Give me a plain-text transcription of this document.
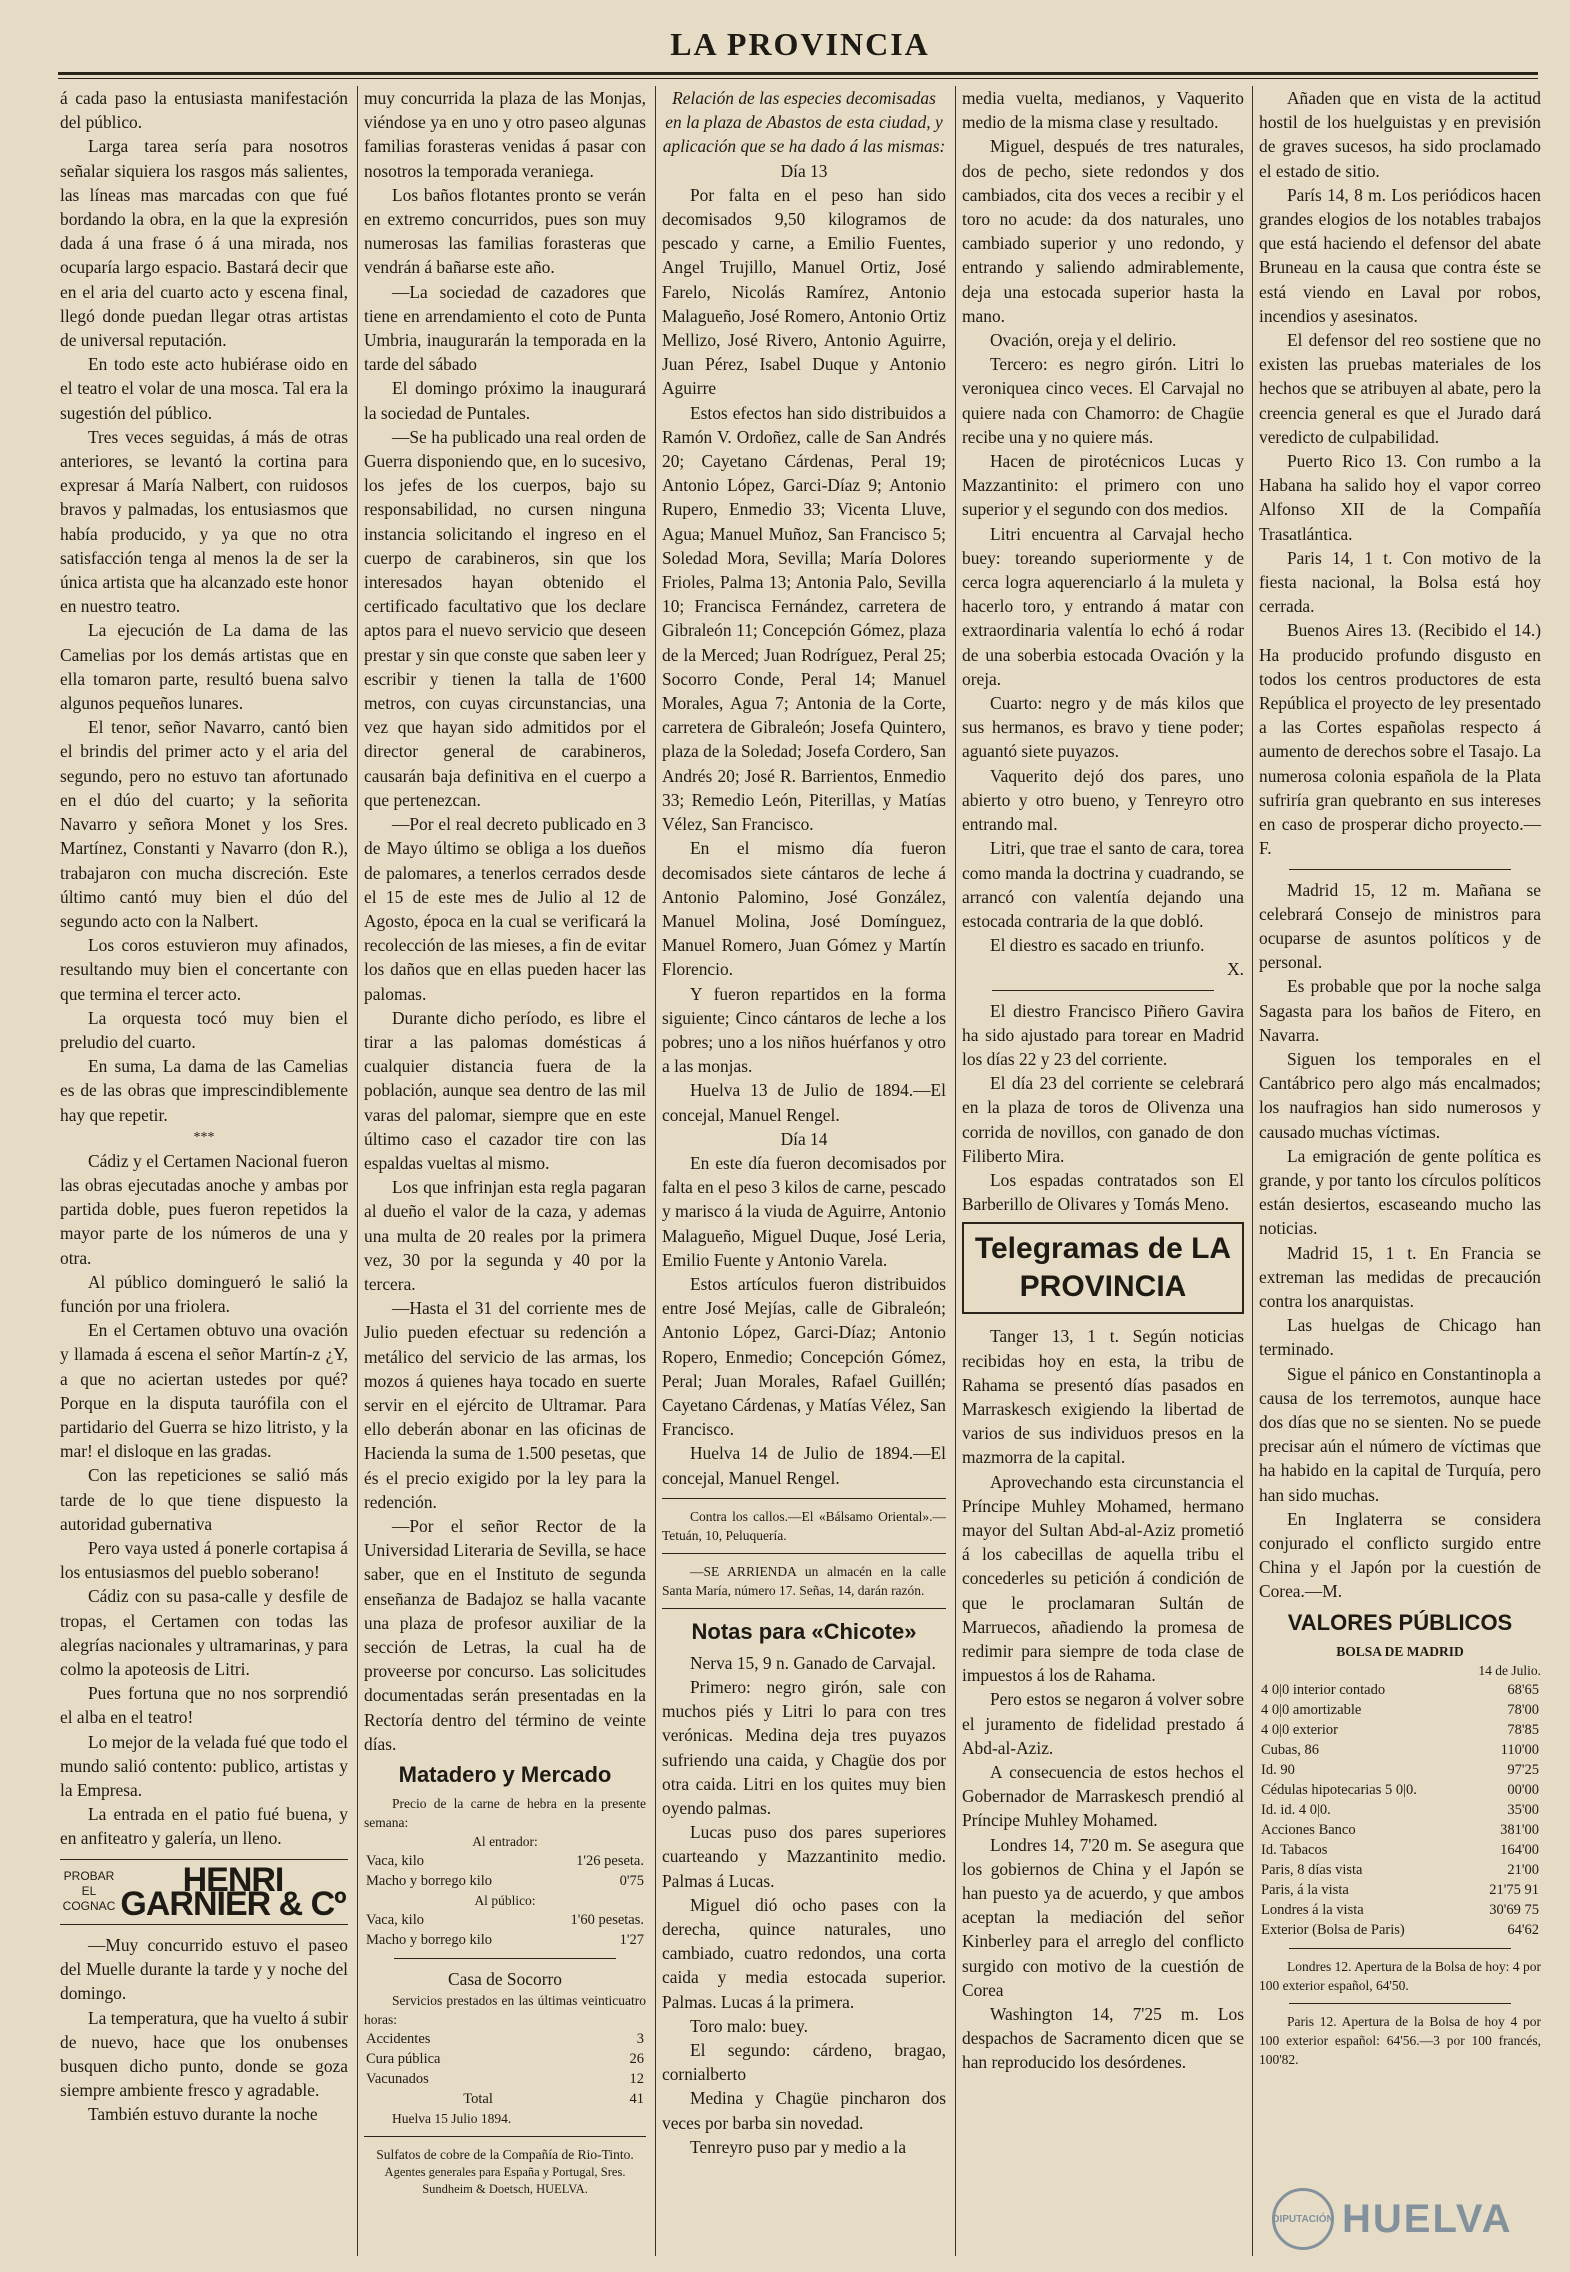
LA PROVINCIA

á cada paso la entusiasta manifestación del público.

Larga tarea sería para nosotros señalar siquiera los rasgos más salientes, las líneas mas marcadas con que fué bordando la obra, en la que la expresión dada á una frase ó á una mirada, nos ocuparía largo espacio. Bastará decir que en el aria del cuarto acto y escena final, llegó donde puedan llegar otras artistas de universal reputación.

En todo este acto hubiérase oido en el teatro el volar de una mosca. Tal era la sugestión del público.

Tres veces seguidas, á más de otras anteriores, se levantó la cortina para expresar á María Nalbert, con ruidosos bravos y palmadas, los entusiasmos que había producido, y ya que no otra satisfacción tenga al menos la de ser la única artista que ha alcanzado este honor en nuestro teatro.

La ejecución de La dama de las Camelias por los demás artistas que en ella tomaron parte, resultó buena salvo algunos pequeños lunares.

El tenor, señor Navarro, cantó bien el brindis del primer acto y el aria del segundo, pero no estuvo tan afortunado en el dúo del cuarto; y la señorita Navarro y señora Monet y los Sres. Martínez, Constanti y Navarro (don R.), trabajaron con mucha discreción. Este último cantó muy bien el dúo del segundo acto con la Nalbert.

Los coros estuvieron muy afinados, resultando muy bien el concertante con que termina el tercer acto.

La orquesta tocó muy bien el preludio del cuarto.

En suma, La dama de las Camelias es de las obras que imprescindiblemente hay que repetir.

***

Cádiz y el Certamen Nacional fueron las obras ejecutadas anoche y ambas por partida doble, pues fueron repetidos la mayor parte de los números de una y otra.

Al público domingueró le salió la función por una friolera.

En el Certamen obtuvo una ovación y llamada á escena el señor Martín-z ¿Y, a que no aciertan ustedes por qué? Porque en la disputa taurófila con el partidario del Guerra se hizo litristo, y la mar! el disloque en las gradas.

Con las repeticiones se salió más tarde de lo que tiene dispuesto la autoridad gubernativa

Pero vaya usted á ponerle cortapisa á los entusiasmos del pueblo soberano!

Cádiz con su pasa-calle y desfile de tropas, el Certamen con todas las alegrías nacionales y ultramarinas, y para colmo la apoteosis de Litri.

Pues fortuna que no nos sorprendió el alba en el teatro!

Lo mejor de la velada fué que todo el mundo salió contento: publico, artistas y la Empresa.

La entrada en el patio fué buena, y en anfiteatro y galería, un lleno.

PROBAR EL COGNAC
HENRI GARNIER & Cº

—Muy concurrido estuvo el paseo del Muelle durante la tarde y y noche del domingo.

La temperatura, que ha vuelto á subir de nuevo, hace que los onubenses busquen dicho punto, donde se goza siempre ambiente fresco y agradable.

También estuvo durante la noche

muy concurrida la plaza de las Monjas, viéndose ya en uno y otro paseo algunas familias forasteras venidas á pasar con nosotros la temporada veraniega.

Los baños flotantes pronto se verán en extremo concurridos, pues son muy numerosas las familias forasteras que vendrán á bañarse este año.

—La sociedad de cazadores que tiene en arrendamiento el coto de Punta Umbria, inaugurarán la temporada en la tarde del sábado

El domingo próximo la inaugurará la sociedad de Puntales.

—Se ha publicado una real orden de Guerra disponiendo que, en lo sucesivo, los jefes de los cuerpos, bajo su responsabilidad, no cursen ninguna instancia solicitando el ingreso en el cuerpo de carabineros, sin que los interesados hayan obtenido el certificado facultativo que los declare aptos para el nuevo servicio que deseen prestar y sin que conste que saben leer y escribir y tienen la talla de 1'600 metros, con cuyas circunstancias, una vez que hayan sido admitidos por el director general de carabineros, causarán baja definitiva en el cuerpo a que pertenezcan.

—Por el real decreto publicado en 3 de Mayo último se obliga a los dueños de palomares, a tenerlos cerrados desde el 15 de este mes de Julio al 12 de Agosto, época en la cual se verificará la recolección de las mieses, a fin de evitar los daños que en ellas pueden hacer las palomas.

Durante dicho período, es libre el tirar a las palomas domésticas á cualquier distancia fuera de la población, aunque sea dentro de las mil varas del palomar, siempre que en este último caso el cazador tire con las espaldas vueltas al mismo.

Los que infrinjan esta regla pagaran al dueño el valor de la caza, y ademas una multa de 20 reales por la primera vez, 30 por la segunda y 40 por la tercera.

—Hasta el 31 del corriente mes de Julio pueden efectuar su redención a metálico del servicio de las armas, los mozos á quienes haya tocado en suerte servir en el ejército de Ultramar. Para ello deberán abonar en las oficinas de Hacienda la suma de 1.500 pesetas, que és el precio exigido por la ley para la redención.

—Por el señor Rector de la Universidad Literaria de Sevilla, se hace saber, que en el Instituto de segunda enseñanza de Badajoz se halla vacante una plaza de profesor auxiliar de la sección de Letras, la cual ha de proveerse por concurso. Las solicitudes documentadas serán presentadas en la Rectoría dentro del término de veinte días.

Matadero y Mercado

Precio de la carne de hebra en la presente semana:

Al entrador:

Vaca, kilo	1'26 peseta.
Macho y borrego kilo	0'75

Al público:

Vaca, kilo	1'60 pesetas.
Macho y borrego kilo	1'27

Casa de Socorro

Servicios prestados en las últimas veinticuatro horas:

Accidentes	3
Cura pública	26
Vacunados	12
Total	41

Huelva 15 Julio 1894.

Sulfatos de cobre de la Compañía de Rio-Tinto.

Agentes generales para España y Portugal, Sres. Sundheim & Doetsch, HUELVA.

Relación de las especies decomisadas en la plaza de Abastos de esta ciudad, y aplicación que se ha dado á las mismas:

Día 13

Por falta en el peso han sido decomisados 9,50 kilogramos de pescado y carne, a Emilio Fuentes, Angel Trujillo, Manuel Ortiz, José Farelo, Nicolás Ramírez, Antonio Malagueño, José Romero, Antonio Ortiz Mellizo, José Rivero, Antonio Aguirre, Juan Pérez, Isabel Duque y Antonio Aguirre

Estos efectos han sido distribuidos a Ramón V. Ordoñez, calle de San Andrés 20; Cayetano Cárdenas, Peral 19; Antonio López, Garci-Díaz 9; Antonio Rupero, Enmedio 33; Vicenta Lluve, Agua; Manuel Muñoz, San Francisco 5; Soledad Mora, Sevilla; María Dolores Frioles, Palma 13; Antonia Palo, Sevilla 10; Francisca Fernández, carretera de Gibraleón 11; Concepción Gómez, plaza de la Merced; Juan Rodríguez, Peral 25; Socorro Conde, Peral 14; Manuel Morales, Agua 7; Antonia de la Corte, carretera de Gibraleón; Josefa Quintero, plaza de la Soledad; Josefa Cordero, San Andrés 20; José R. Barrientos, Enmedio 33; Remedio León, Piterillas, y Matías Vélez, San Francisco.

En el mismo día fueron decomisados siete cántaros de leche á Antonio Palomino, José González, Manuel Molina, José Domínguez, Manuel Romero, Juan Gómez y Martín Florencio.

Y fueron repartidos en la forma siguiente; Cinco cántaros de leche a los pobres; uno a los niños huérfanos y otro a las monjas.

Huelva 13 de Julio de 1894.—El concejal, Manuel Rengel.

Día 14

En este día fueron decomisados por falta en el peso 3 kilos de carne, pescado y marisco á la viuda de Aguirre, Antonio Malagueño, Miguel Duque, José Leria, Emilio Fuente y Antonio Varela.

Estos artículos fueron distribuidos entre José Mejías, calle de Gibraleón; Antonio López, Garci-Díaz; Antonio Ropero, Enmedio; Concepción Gómez, Peral; Juan Morales, Rafael Guillén; Cayetano Cárdenas, y Matías Vélez, San Francisco.

Huelva 14 de Julio de 1894.—El concejal, Manuel Rengel.

Contra los callos.—El «Bálsamo Oriental».—Tetuán, 10, Peluquería.

—SE ARRIENDA un almacén en la calle Santa María, número 17. Señas, 14, darán razón.

Notas para «Chicote»

Nerva 15, 9 n. Ganado de Carvajal.

Primero: negro girón, sale con muchos piés y Litri lo para con tres verónicas. Medina deja tres puyazos sufriendo una caida, y Chagüe dos por otra caida. Litri en los quites muy bien oyendo palmas.

Lucas puso dos pares superiores cuarteando y Mazzantinito medio. Palmas á Lucas.

Miguel dió ocho pases con la derecha, quince naturales, uno cambiado, cuatro redondos, una corta caida y media estocada superior. Palmas. Lucas á la primera.

Toro malo: buey.

El segundo: cárdeno, bragao, cornialberto

Medina y Chagüe pincharon dos veces por barba sin novedad.

Tenreyro puso par y medio a la

media vuelta, medianos, y Vaquerito medio de la misma clase y resultado.

Miguel, después de tres naturales, dos de pecho, siete redondos y dos cambiados, cita dos veces a recibir y el toro no acude: da dos naturales, uno cambiado superior y uno redondo, y entrando y saliendo admirablemente, deja una estocada superior hasta la mano.

Ovación, oreja y el delirio.

Tercero: es negro girón. Litri lo veroniquea cinco veces. El Carvajal no quiere nada con Chamorro: de Chagüe recibe una y no quiere más.

Hacen de pirotécnicos Lucas y Mazzantinito: el primero con uno superior y el segundo con dos medios.

Litri encuentra al Carvajal hecho buey: toreando superiormente y de cerca logra aquerenciarlo á la muleta y hacerlo toro, y entrando á matar con extraordinaria valentía lo echó á rodar de una soberbia estocada Ovación y la oreja.

Cuarto: negro y de más kilos que sus hermanos, es bravo y tiene poder; aguantó siete puyazos.

Vaquerito dejó dos pares, uno abierto y otro bueno, y Tenreyro otro entrando mal.

Litri, que trae el santo de cara, torea como manda la doctrina y cuadrando, se arrancó con valentía dejando una estocada contraria de la que dobló.

El diestro es sacado en triunfo.

X.

El diestro Francisco Piñero Gavira ha sido ajustado para torear en Madrid los días 22 y 23 del corriente.

El día 23 del corriente se celebrará en la plaza de toros de Olivenza una corrida de novillos, con ganado de don Filiberto Mira.

Los espadas contratados son El Barberillo de Olivares y Tomás Meno.

Telegramas de LA PROVINCIA

Tanger 13, 1 t. Según noticias recibidas hoy en esta, la tribu de Rahama se presentó días pasados en Marraskesch exigiendo la libertad de varios de sus individuos presos en la mazmorra de la capital.

Aprovechando esta circunstancia el Príncipe Muhley Mohamed, hermano mayor del Sultan Abd-al-Aziz prometió á los cabecillas de aquella tribu el concederles su petición á condición de que le proclamaran Sultán de Marruecos, añadiendo la promesa de redimir para siempre de toda clase de impuestos á los de Rahama.

Pero estos se negaron á volver sobre el juramento de fidelidad prestado á Abd-al-Aziz.

A consecuencia de estos hechos el Gobernador de Marraskesch prendió al Príncipe Muhley Mohamed.

Londres 14, 7'20 m. Se asegura que los gobiernos de China y el Japón se han puesto ya de acuerdo, y que ambos aceptan la mediación del señor Kinberley para el arreglo del conflicto surgido con motivo de la cuestión de Corea

Washington 14, 7'25 m. Los despachos de Sacramento dicen que se han reproducido los desórdenes.

Añaden que en vista de la actitud hostil de los huelguistas y en previsión de graves sucesos, ha sido proclamado el estado de sitio.

París 14, 8 m. Los periódicos hacen grandes elogios de los notables trabajos que está haciendo el defensor del abate Bruneau en la causa que contra éste se está viendo en Laval por robos, incendios y asesinatos.

El defensor del reo sostiene que no existen las pruebas materiales de los hechos que se atribuyen al abate, pero la creencia general es que el Jurado dará veredicto de culpabilidad.

Puerto Rico 13. Con rumbo a la Habana ha salido hoy el vapor correo Alfonso XII de la Compañía Trasatlántica.

Paris 14, 1 t. Con motivo de la fiesta nacional, la Bolsa está hoy cerrada.

Buenos Aires 13. (Recibido el 14.) Ha producido profundo disgusto en todos los centros productores de esta República el proyecto de ley presentado a las Cortes españolas respecto á aumento de derechos sobre el Tasajo. La numerosa colonia española de la Plata sufriría gran quebranto en sus intereses en caso de prosperar dicho proyecto.—F.

Madrid 15, 12 m. Mañana se celebrará Consejo de ministros para ocuparse de asuntos políticos y de personal.

Es probable que por la noche salga Sagasta para los baños de Fitero, en Navarra.

Siguen los temporales en el Cantábrico pero algo más encalmados; los naufragios han sido numerosos y causado muchas víctimas.

La emigración de gente política es grande, y por tanto los círculos políticos están desiertos, escaseando mucho las noticias.

Madrid 15, 1 t. En Francia se extreman las medidas de precaución contra los anarquistas.

Las huelgas de Chicago han terminado.

Sigue el pánico en Constantinopla a causa de los terremotos, aunque hace dos días que no se sienten. No se puede precisar aún el número de víctimas que ha habido en la capital de Turquía, pero han sido muchas.

En Inglaterra se considera conjurado el conflicto surgido entre China y el Japón por la cuestión de Corea.—M.

VALORES PÚBLICOS

BOLSA DE MADRID

14 de Julio.

4 0|0 interior contado	68'65
4 0|0 amortizable	78'00
4 0|0 exterior	78'85
Cubas, 86	110'00
Id. 90	97'25
Cédulas hipotecarias 5 0|0.	00'00
Id. id. 4 0|0.	35'00
Acciones Banco	381'00
Id. Tabacos	164'00
Paris, 8 días vista	21'00
Paris, á la vista	21'75 91
Londres á la vista	30'69 75
Exterior (Bolsa de Paris)	64'62

Londres 12. Apertura de la Bolsa de hoy: 4 por 100 exterior español, 64'50.

Paris 12. Apertura de la Bolsa de hoy 4 por 100 exterior español: 64'56.—3 por 100 francés, 100'82.

DIPUTACIÓN HUELVA
